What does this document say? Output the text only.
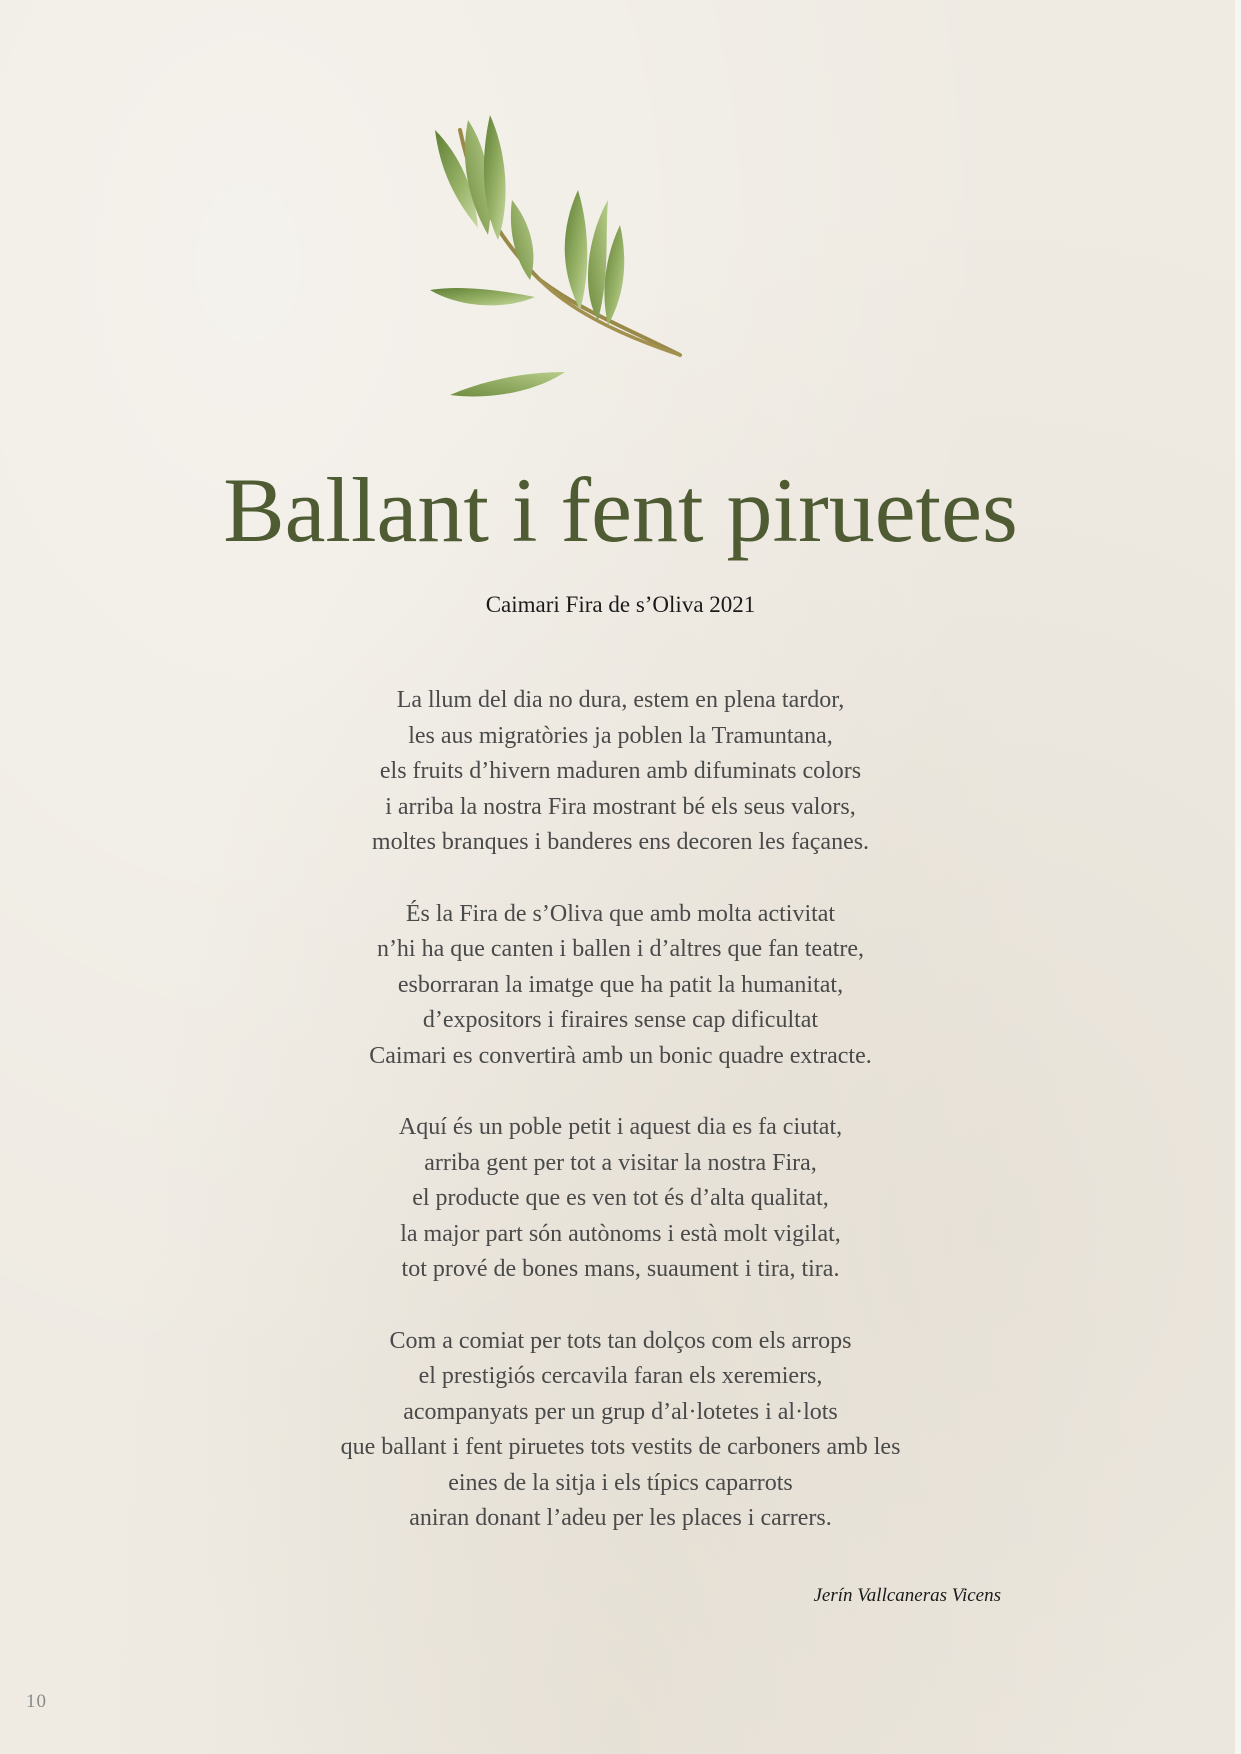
Ballant i fent piruetes

Caimari Fira de s’Oliva 2021

La llum del dia no dura, estem en plena tardor,
les aus migratòries ja poblen la Tramuntana,
els fruits d’hivern maduren amb difuminats colors
i arriba la nostra Fira mostrant bé els seus valors,
moltes branques i banderes ens decoren les façanes.
És la Fira de s’Oliva que amb molta activitat
n’hi ha que canten i ballen i d’altres que fan teatre,
esborraran la imatge que ha patit la humanitat,
d’expositors i firaires sense cap dificultat
Caimari es convertirà amb un bonic quadre extracte.
Aquí és un poble petit i aquest dia es fa ciutat,
arriba gent per tot a visitar la nostra Fira,
el producte que es ven tot és d’alta qualitat,
la major part són autònoms i està molt vigilat,
tot prové de bones mans, suaument i tira, tira.
Com a comiat per tots tan dolços com els arrops
el prestigiós cercavila faran els xeremiers,
acompanyats per un grup d’al·lotetes i al·lots
que ballant i fent piruetes tots vestits de carboners amb les
eines de la sitja i els típics caparrots
aniran donant l’adeu per les places i carrers.

Jerín Vallcaneras Vicens

10
